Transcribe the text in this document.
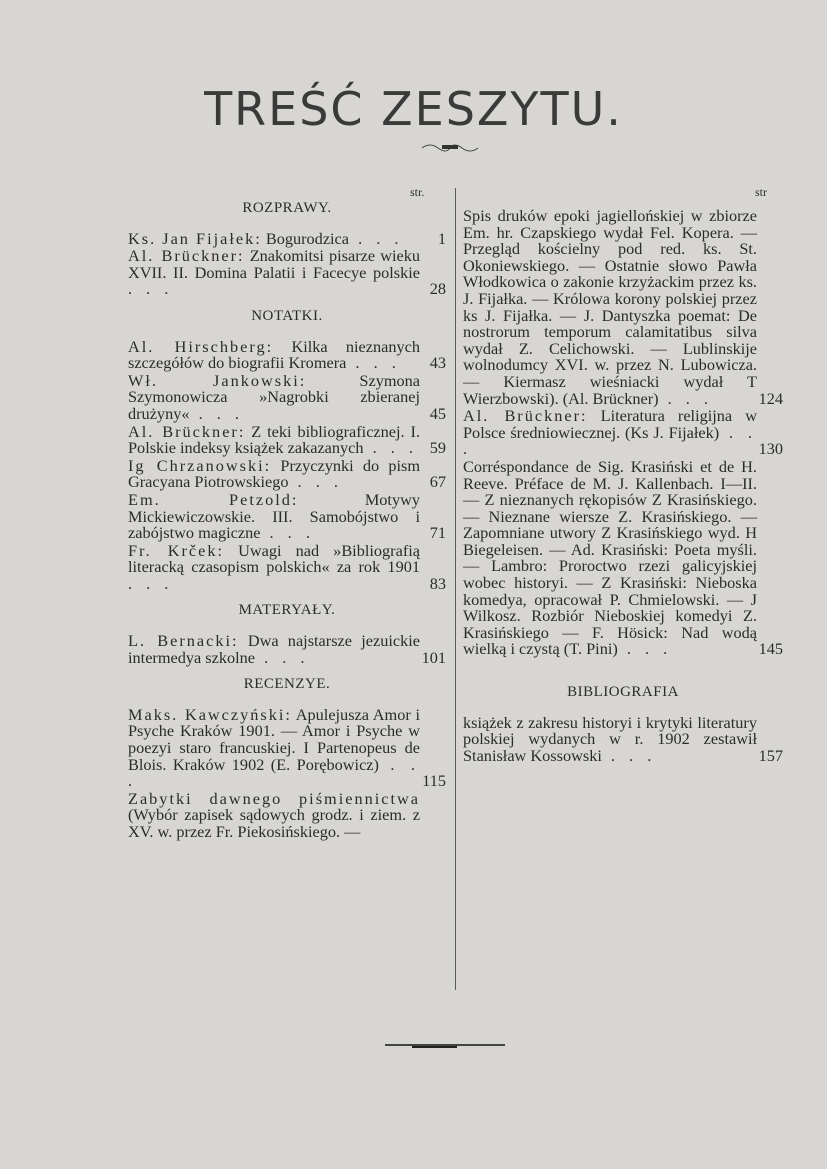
TREŚĆ ZESZYTU.
str.
ROZPRAWY.
Ks. Jan Fijałek: Bogurodzica . . .	1
Al. Brückner: Znakomitsi pisarze wieku XVII. II. Domina Palatii i Facecye polskie . . .	28
NOTATKI.
Al. Hirschberg: Kilka nieznanych szczegółów do biografii Kromera . . .	43
Wł. Jankowski:	Szymona Szymonowicza »Nagrobki zbieranej drużyny« . . .	45
Al. Brückner: Z teki bibliograficznej. I. Polskie indeksy książek zakazanych . . . 59
Ig Chrzanowski: Przyczynki do pism Gracyana Piotrowskiego . . .	67
Em. Petzold:	Motywy Mickiewiczowskie. III. Samobójstwo i zabójstwo magiczne . . .	71
Fr. Krček: Uwagi nad »Bibliografią literacką czasopism polskich« za rok 1901 . . .	83
MATERYAŁY.
L. Bernacki: Dwa najstarsze jezuickie intermedya szkolne . . .	101
RECENZYE.
Maks. Kawczyński: Apulejusza Amor i Psyche Kraków 1901. — Amor i Psyche w poezyi staro francuskiej. I Partenopeus de Blois. Kraków 1902 (E. Porębowicz) . . .	115
Zabytki dawnego piśmiennictwa (Wybór zapisek sądowych grodz. i ziem. z XV. w. przez Fr. Piekosińskiego. —
str
Spis druków epoki jagiellońskiej w zbiorze Em. hr. Czapskiego wydał Fel. Kopera. — Przegląd kościelny pod red. ks. St. Okoniewskiego. — Ostatnie słowo Pawła Włodkowica o zakonie krzyżackim przez ks. J. Fijałka. — Królowa korony polskiej przez ks J. Fijałka. — J. Dantyszka poemat: De nostrorum temporum calamitatibus silva wydał Z. Celichowski. — Lublinskije wolnodumcy XVI. w. przez N. Lubowicza. — Kiermasz wieśniacki wydał T Wierzbowski). (Al. Brückner) . . .	124
Al. Brückner: Literatura religijna w Polsce średniowiecznej. (Ks J. Fijałek) . . .	130
Corréspondance de Sig. Krasiński et de H. Reeve. Préface de M. J. Kallenbach. I—II. — Z nieznanych rękopisów Z Krasińskiego. — Nieznane wiersze Z. Krasińskiego. — Zapomniane utwory Z Krasińskiego wyd. H Biegeleisen. — Ad. Krasiński: Poeta myśli. — Lambro: Proroctwo rzezi galicyjskiej wobec historyi. — Z Krasiński: Nieboska komedya, opracował P. Chmielowski. — J Wilkosz. Rozbiór Nieboskiej komedyi Z. Krasińskiego — F. Hösick: Nad wodą wielką i czystą (T. Pini) . . .	145
BIBLIOGRAFIA
książek z zakresu historyi i krytyki literatury polskiej wydanych w r. 1902 zestawił Stanisław Kossowski . . .	157
